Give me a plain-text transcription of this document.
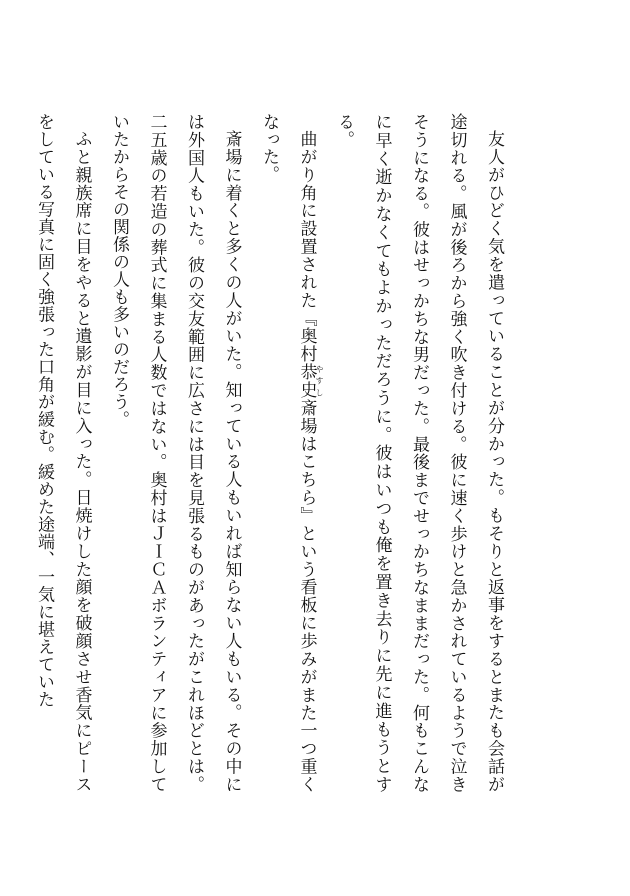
友人がひどく気を遣っていることが分かった。もそりと返事をするとまたも会話が途切れる。風が後ろから強く吹き付ける。彼に速く歩けと急かされているようで泣きそうになる。彼はせっかちな男だった。最後までせっかちなままだった。何もこんなに早く逝かなくてもよかっただろうに。彼はいつも俺を置き去りに先に進もうとする。

曲がり角に設置された『奥村恭史やすし斎場はこちら』という看板に歩みがまた一つ重くなった。

斎場に着くと多くの人がいた。知っている人もいれば知らない人もいる。その中には外国人もいた。彼の交友範囲に広さには目を見張るものがあったがこれほどとは。二五歳の若造の葬式に集まる人数ではない。奥村はＪＩＣＡボランティアに参加していたからその関係の人も多いのだろう。

ふと親族席に目をやると遺影が目に入った。日焼けした顔を破顔させ香気にピースをしている写真に固く強張った口角が緩む。緩めた途端、一気に堪えていた
